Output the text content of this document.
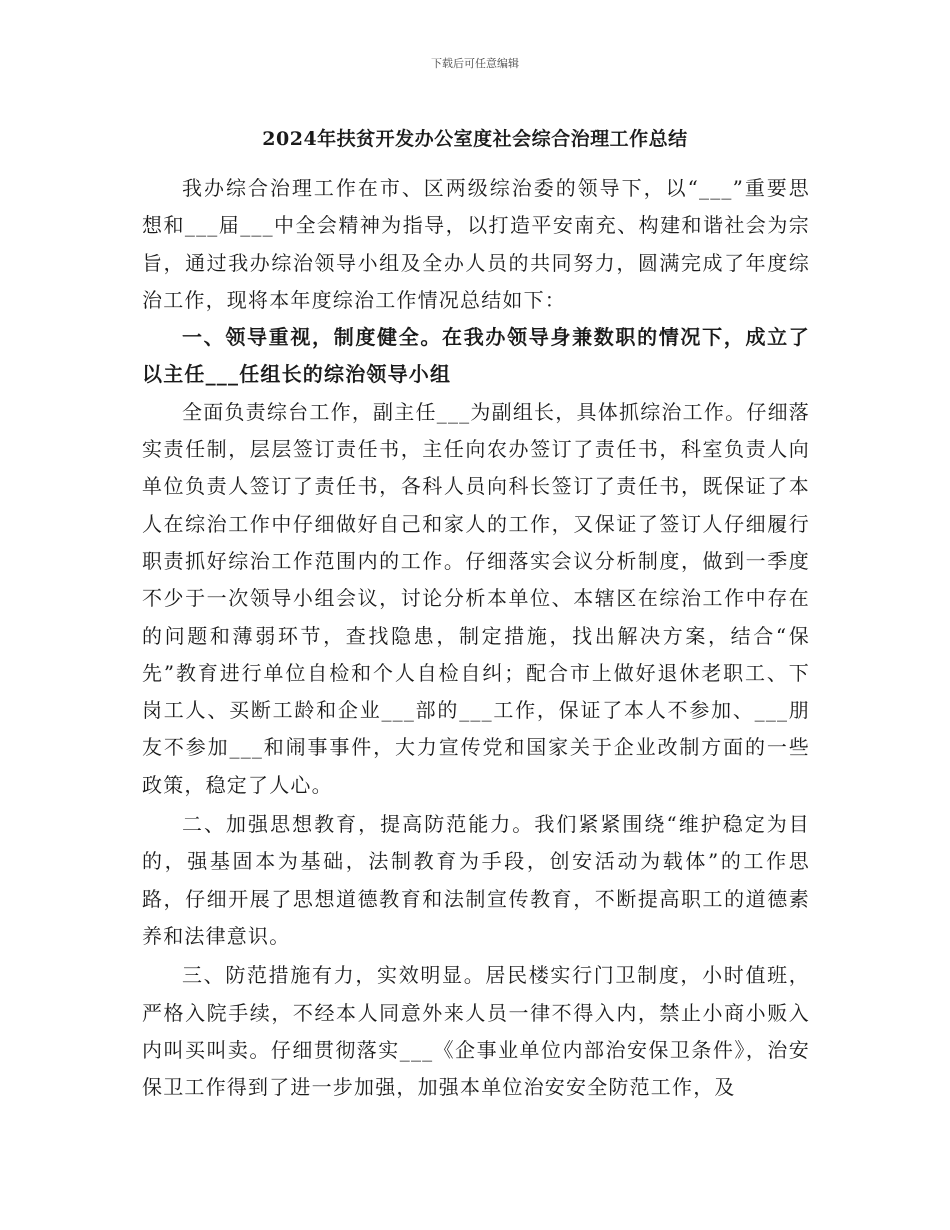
下载后可任意编辑
2024年扶贫开发办公室度社会综合治理工作总结

我办综合治理工作在市、区两级综治委的领导下，以“___”重要思想和___届___中全会精神为指导，以打造平安南充、构建和谐社会为宗旨，通过我办综治领导小组及全办人员的共同努力，圆满完成了年度综治工作，现将本年度综治工作情况总结如下：

一、领导重视，制度健全。在我办领导身兼数职的情况下，成立了以主任___任组长的综治领导小组

全面负责综台工作，副主任___为副组长，具体抓综治工作。仔细落实责任制，层层签订责任书，主任向农办签订了责任书，科室负责人向单位负责人签订了责任书，各科人员向科长签订了责任书，既保证了本人在综治工作中仔细做好自己和家人的工作，又保证了签订人仔细履行职责抓好综治工作范围内的工作。仔细落实会议分析制度，做到一季度不少于一次领导小组会议，讨论分析本单位、本辖区在综治工作中存在的问题和薄弱环节，查找隐患，制定措施，找出解决方案，结合“保先”教育进行单位自检和个人自检自纠；配合市上做好退休老职工、下岗工人、买断工龄和企业___部的___工作，保证了本人不参加、___朋友不参加___和闹事事件，大力宣传党和国家关于企业改制方面的一些政策，稳定了人心。

二、加强思想教育，提高防范能力。我们紧紧围绕“维护稳定为目的，强基固本为基础，法制教育为手段，创安活动为载体”的工作思路，仔细开展了思想道德教育和法制宣传教育，不断提高职工的道德素养和法律意识。

三、防范措施有力，实效明显。居民楼实行门卫制度，小时值班，严格入院手续，不经本人同意外来人员一律不得入内，禁止小商小贩入内叫买叫卖。仔细贯彻落实___《企事业单位内部治安保卫条件》，治安保卫工作得到了进一步加强，加强本单位治安安全防范工作，及
